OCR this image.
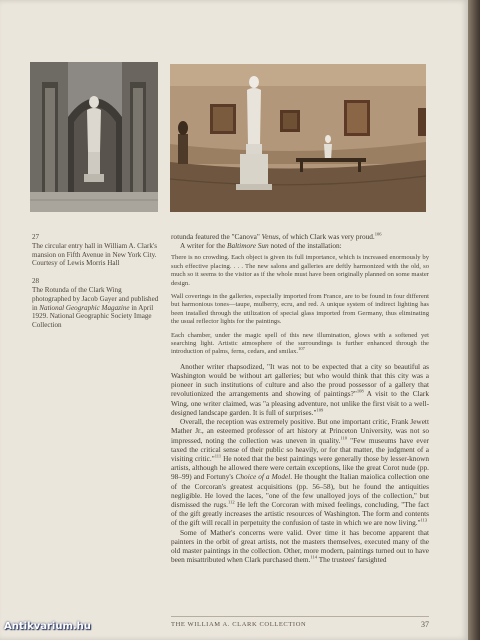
27
The circular entry hall in William A. Clark's mansion on Fifth Avenue in New York City. Courtesy of Lewis Morris Hall

28
The Rotunda of the Clark Wing photographed by Jacob Gayer and published in National Geographic Magazine in April 1929. National Geographic Society Image Collection

rotunda featured the "Canova" Venus, of which Clark was very proud.$^{106}$

A writer for the Baltimore Sun noted of the installation:

There is no crowding. Each object is given its full importance, which is increased enormously by such effective placing. . . . The new salons and galleries are deftly harmonized with the old, so much so it seems to the visitor as if the whole must have been originally planned on some master design.

Wall coverings in the galleries, especially imported from France, are to be found in four different but harmonious tones—taupe, mulberry, ecru, and red. A unique system of indirect lighting has been installed through the utilization of special glass imported from Germany, thus eliminating the usual reflector lights for the paintings.

Each chamber, under the magic spell of this new illumination, glows with a softened yet searching light. Artistic atmosphere of the surroundings is further enhanced through the introduction of palms, ferns, cedars, and smilax.$^{107}$

Another writer rhapsodized, "It was not to be expected that a city so beautiful as Washington would be without art galleries; but who would think that this city was a pioneer in such institutions of culture and also the proud possessor of a gallery that revolutionized the arrangements and showing of paintings?"$^{108}$ A visit to the Clark Wing, one writer claimed, was "a pleasing adventure, not unlike the first visit to a well-designed landscape garden. It is full of surprises."$^{109}$

Overall, the reception was extremely positive. But one important critic, Frank Jewett Mather Jr., an esteemed professor of art history at Princeton University, was not so impressed, noting the collection was uneven in quality.$^{110}$ "Few museums have ever taxed the critical sense of their public so heavily, or for that matter, the judgment of a visiting critic."$^{111}$ He noted that the best paintings were generally those by lesser-known artists, although he allowed there were certain exceptions, like the great Corot nude (pp. 98–99) and Fortuny's Choice of a Model. He thought the Italian maiolica collection one of the Corcoran's greatest acquisitions (pp. 56–58), but he found the antiquities negligible. He loved the laces, "one of the few unalloyed joys of the collection," but dismissed the rugs.$^{112}$ He left the Corcoran with mixed feelings, concluding, "The fact of the gift greatly increases the artistic resources of Washington. The form and contents of the gift will recall in perpetuity the confusion of taste in which we are now living."$^{113}$

Some of Mather's concerns were valid. Over time it has become apparent that painters in the orbit of great artists, not the masters themselves, executed many of the old master paintings in the collection. Other, more modern, paintings turned out to have been misattributed when Clark purchased them.$^{114}$ The trustees' farsighted

THE WILLIAM A. CLARK COLLECTION	37
Antikvarium.hu
